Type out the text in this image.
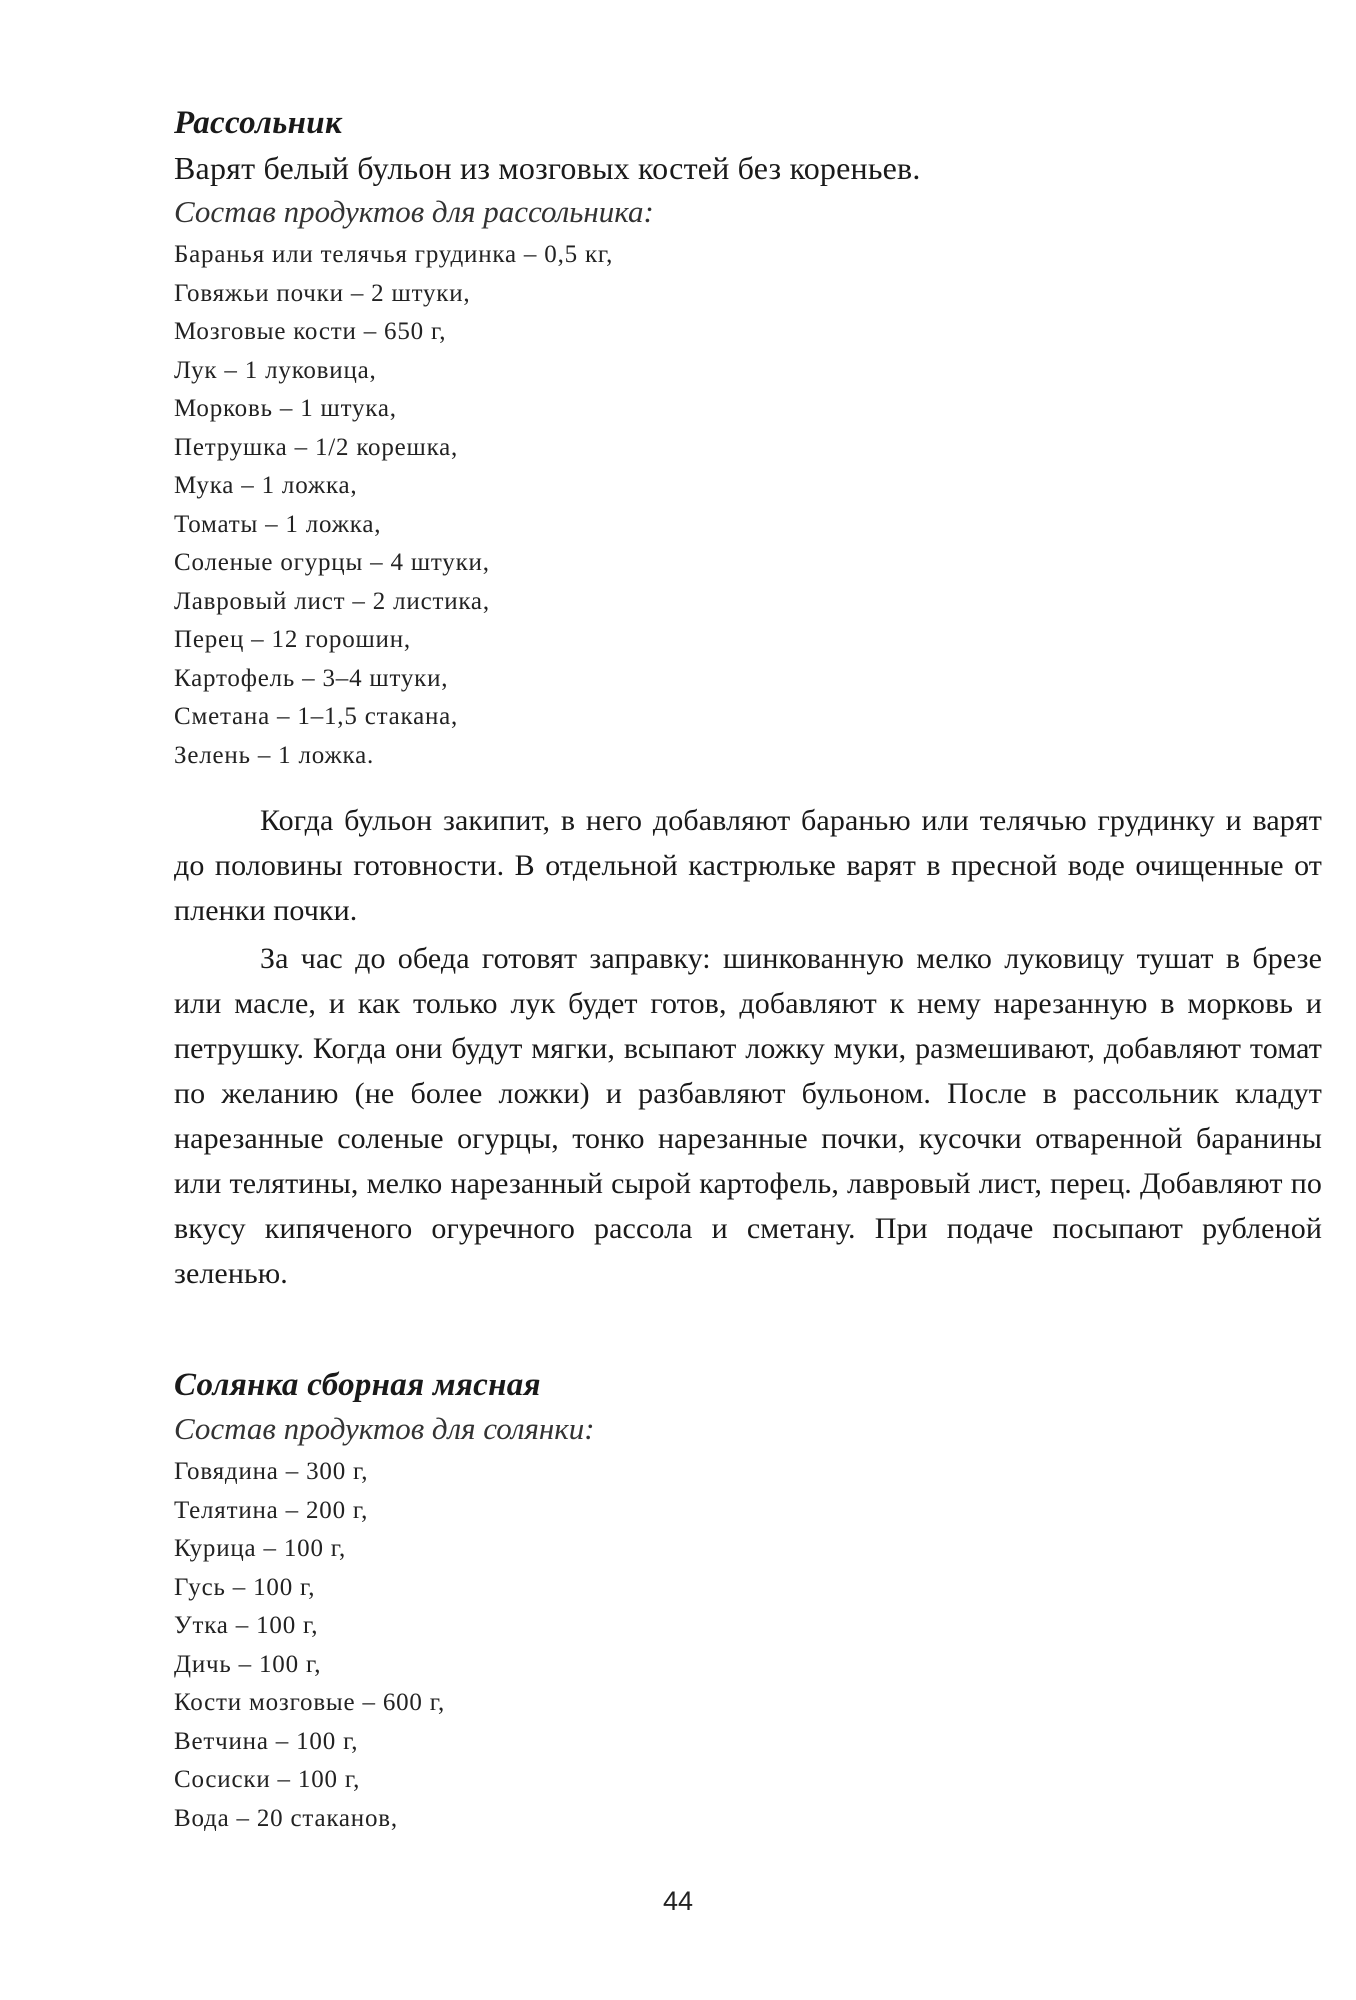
Рассольник

Варят белый бульон из мозговых костей без кореньев.

Состав продуктов для рассольника:

Баранья или телячья грудинка – 0,5 кг,
Говяжьи почки – 2 штуки,
Мозговые кости – 650 г,
Лук – 1 луковица,
Морковь – 1 штука,
Петрушка – 1/2 корешка,
Мука – 1 ложка,
Томаты – 1 ложка,
Соленые огурцы – 4 штуки,
Лавровый лист – 2 листика,
Перец – 12 горошин,
Картофель – 3–4 штуки,
Сметана – 1–1,5 стакана,
Зелень – 1 ложка.

Когда бульон закипит, в него добавляют баранью или телячью грудинку и варят до половины готовности. В отдельной кастрюльке варят в пресной воде очищенные от пленки почки.

За час до обеда готовят заправку: шинкованную мелко луковицу тушат в брезе или масле, и как только лук будет готов, добавляют к нему нарезанную в морковь и петрушку. Когда они будут мягки, всыпают ложку муки, размешивают, добавляют томат по желанию (не более ложки) и разбавляют бульоном. После в рассольник кладут нарезанные соленые огурцы, тонко нарезанные почки, кусочки отваренной баранины или телятины, мелко нарезанный сырой картофель, лавровый лист, перец. Добавляют по вкусу кипяченого огуречного рассола и сметану. При подаче посыпают рубленой зеленью.

Солянка сборная мясная

Состав продуктов для солянки:

Говядина – 300 г,
Телятина – 200 г,
Курица – 100 г,
Гусь – 100 г,
Утка – 100 г,
Дичь – 100 г,
Кости мозговые – 600 г,
Ветчина – 100 г,
Сосиски – 100 г,
Вода – 20 стаканов,
44
